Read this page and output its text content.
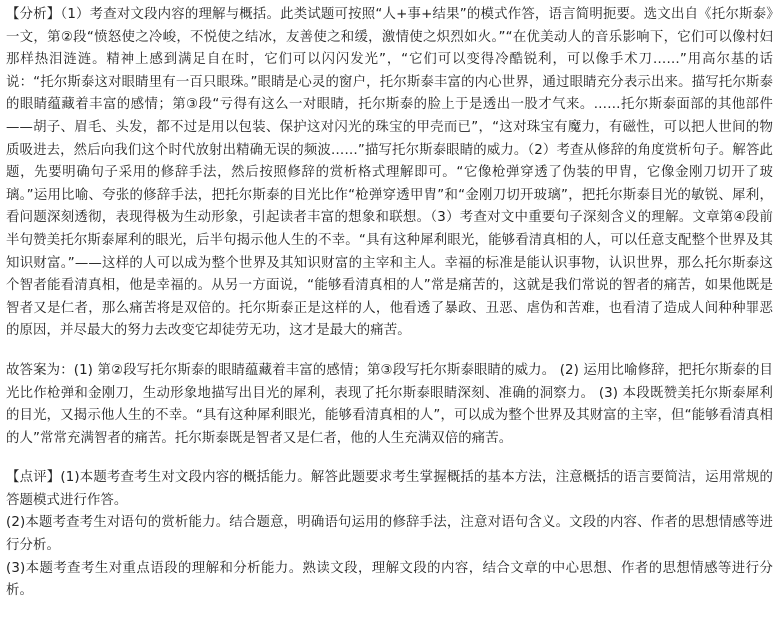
【分析】（1）考查对文段内容的理解与概括。此类试题可按照“人+事+结果”的模式作答，语言简明扼要。选文出自《托尔斯泰》一文，第②段“愤怒使之冷峻，不悦使之结冰，友善使之和缓，激情使之炽烈如火。”“在优美动人的音乐影响下，它们可以像村妇那样热泪涟涟。精神上感到满足自在时，它们可以闪闪发光”，“它们可以变得冷酷锐利，可以像手术刀……”用高尔基的话说：“托尔斯泰这对眼睛里有一百只眼珠。”眼睛是心灵的窗户，托尔斯泰丰富的内心世界，通过眼睛充分表示出来。描写托尔斯泰的眼睛蕴藏着丰富的感情；第③段“亏得有这么一对眼睛，托尔斯泰的脸上于是透出一股才气来。……托尔斯泰面部的其他部件——胡子、眉毛、头发，都不过是用以包装、保护这对闪光的珠宝的甲壳而已”，“这对珠宝有魔力，有磁性，可以把人世间的物质吸进去，然后向我们这个时代放射出精确无误的频波……”描写托尔斯泰眼睛的威力。（2）考查从修辞的角度赏析句子。解答此题，先要明确句子采用的修辞手法，然后按照修辞的赏析格式理解即可。“它像枪弹穿透了伪装的甲胄，它像金刚刀切开了玻璃。”运用比喻、夸张的修辞手法，把托尔斯泰的目光比作“枪弹穿透甲胄”和“金刚刀切开玻璃”，把托尔斯泰目光的敏锐、犀利，看问题深刻透彻，表现得极为生动形象，引起读者丰富的想象和联想。（3）考查对文中重要句子深刻含义的理解。文章第④段前半句赞美托尔斯泰犀利的眼光，后半句揭示他人生的不幸。“具有这种犀利眼光，能够看清真相的人，可以任意支配整个世界及其知识财富。”——这样的人可以成为整个世界及其知识财富的主宰和主人。幸福的标准是能认识事物，认识世界，那么托尔斯泰这个智者能看清真相，他是幸福的。从另一方面说，“能够看清真相的人”常是痛苦的，这就是我们常说的智者的痛苦，如果他既是智者又是仁者，那么痛苦将是双倍的。托尔斯泰正是这样的人，他看透了暴政、丑恶、虐伪和苦难，也看清了造成人间种种罪恶的原因，并尽最大的努力去改变它却徒劳无功，这才是最大的痛苦。

故答案为：(1) 第②段写托尔斯泰的眼睛蕴藏着丰富的感情；第③段写托尔斯泰眼睛的威力。 (2) 运用比喻修辞，把托尔斯泰的目光比作枪弹和金刚刀，生动形象地描写出目光的犀利，表现了托尔斯泰眼睛深刻、准确的洞察力。 (3) 本段既赞美托尔斯泰犀利的目光，又揭示他人生的不幸。“具有这种犀利眼光，能够看清真相的人”，可以成为整个世界及其财富的主宰，但“能够看清真相的人”常常充满智者的痛苦。托尔斯泰既是智者又是仁者，他的人生充满双倍的痛苦。

【点评】(1)本题考查考生对文段内容的概括能力。解答此题要求考生掌握概括的基本方法，注意概括的语言要简洁，运用常规的答题模式进行作答。

(2)本题考查考生对语句的赏析能力。结合题意，明确语句运用的修辞手法，注意对语句含义。文段的内容、作者的思想情感等进行分析。

(3)本题考查考生对重点语段的理解和分析能力。熟读文段，理解文段的内容，结合文章的中心思想、作者的思想情感等进行分析。
